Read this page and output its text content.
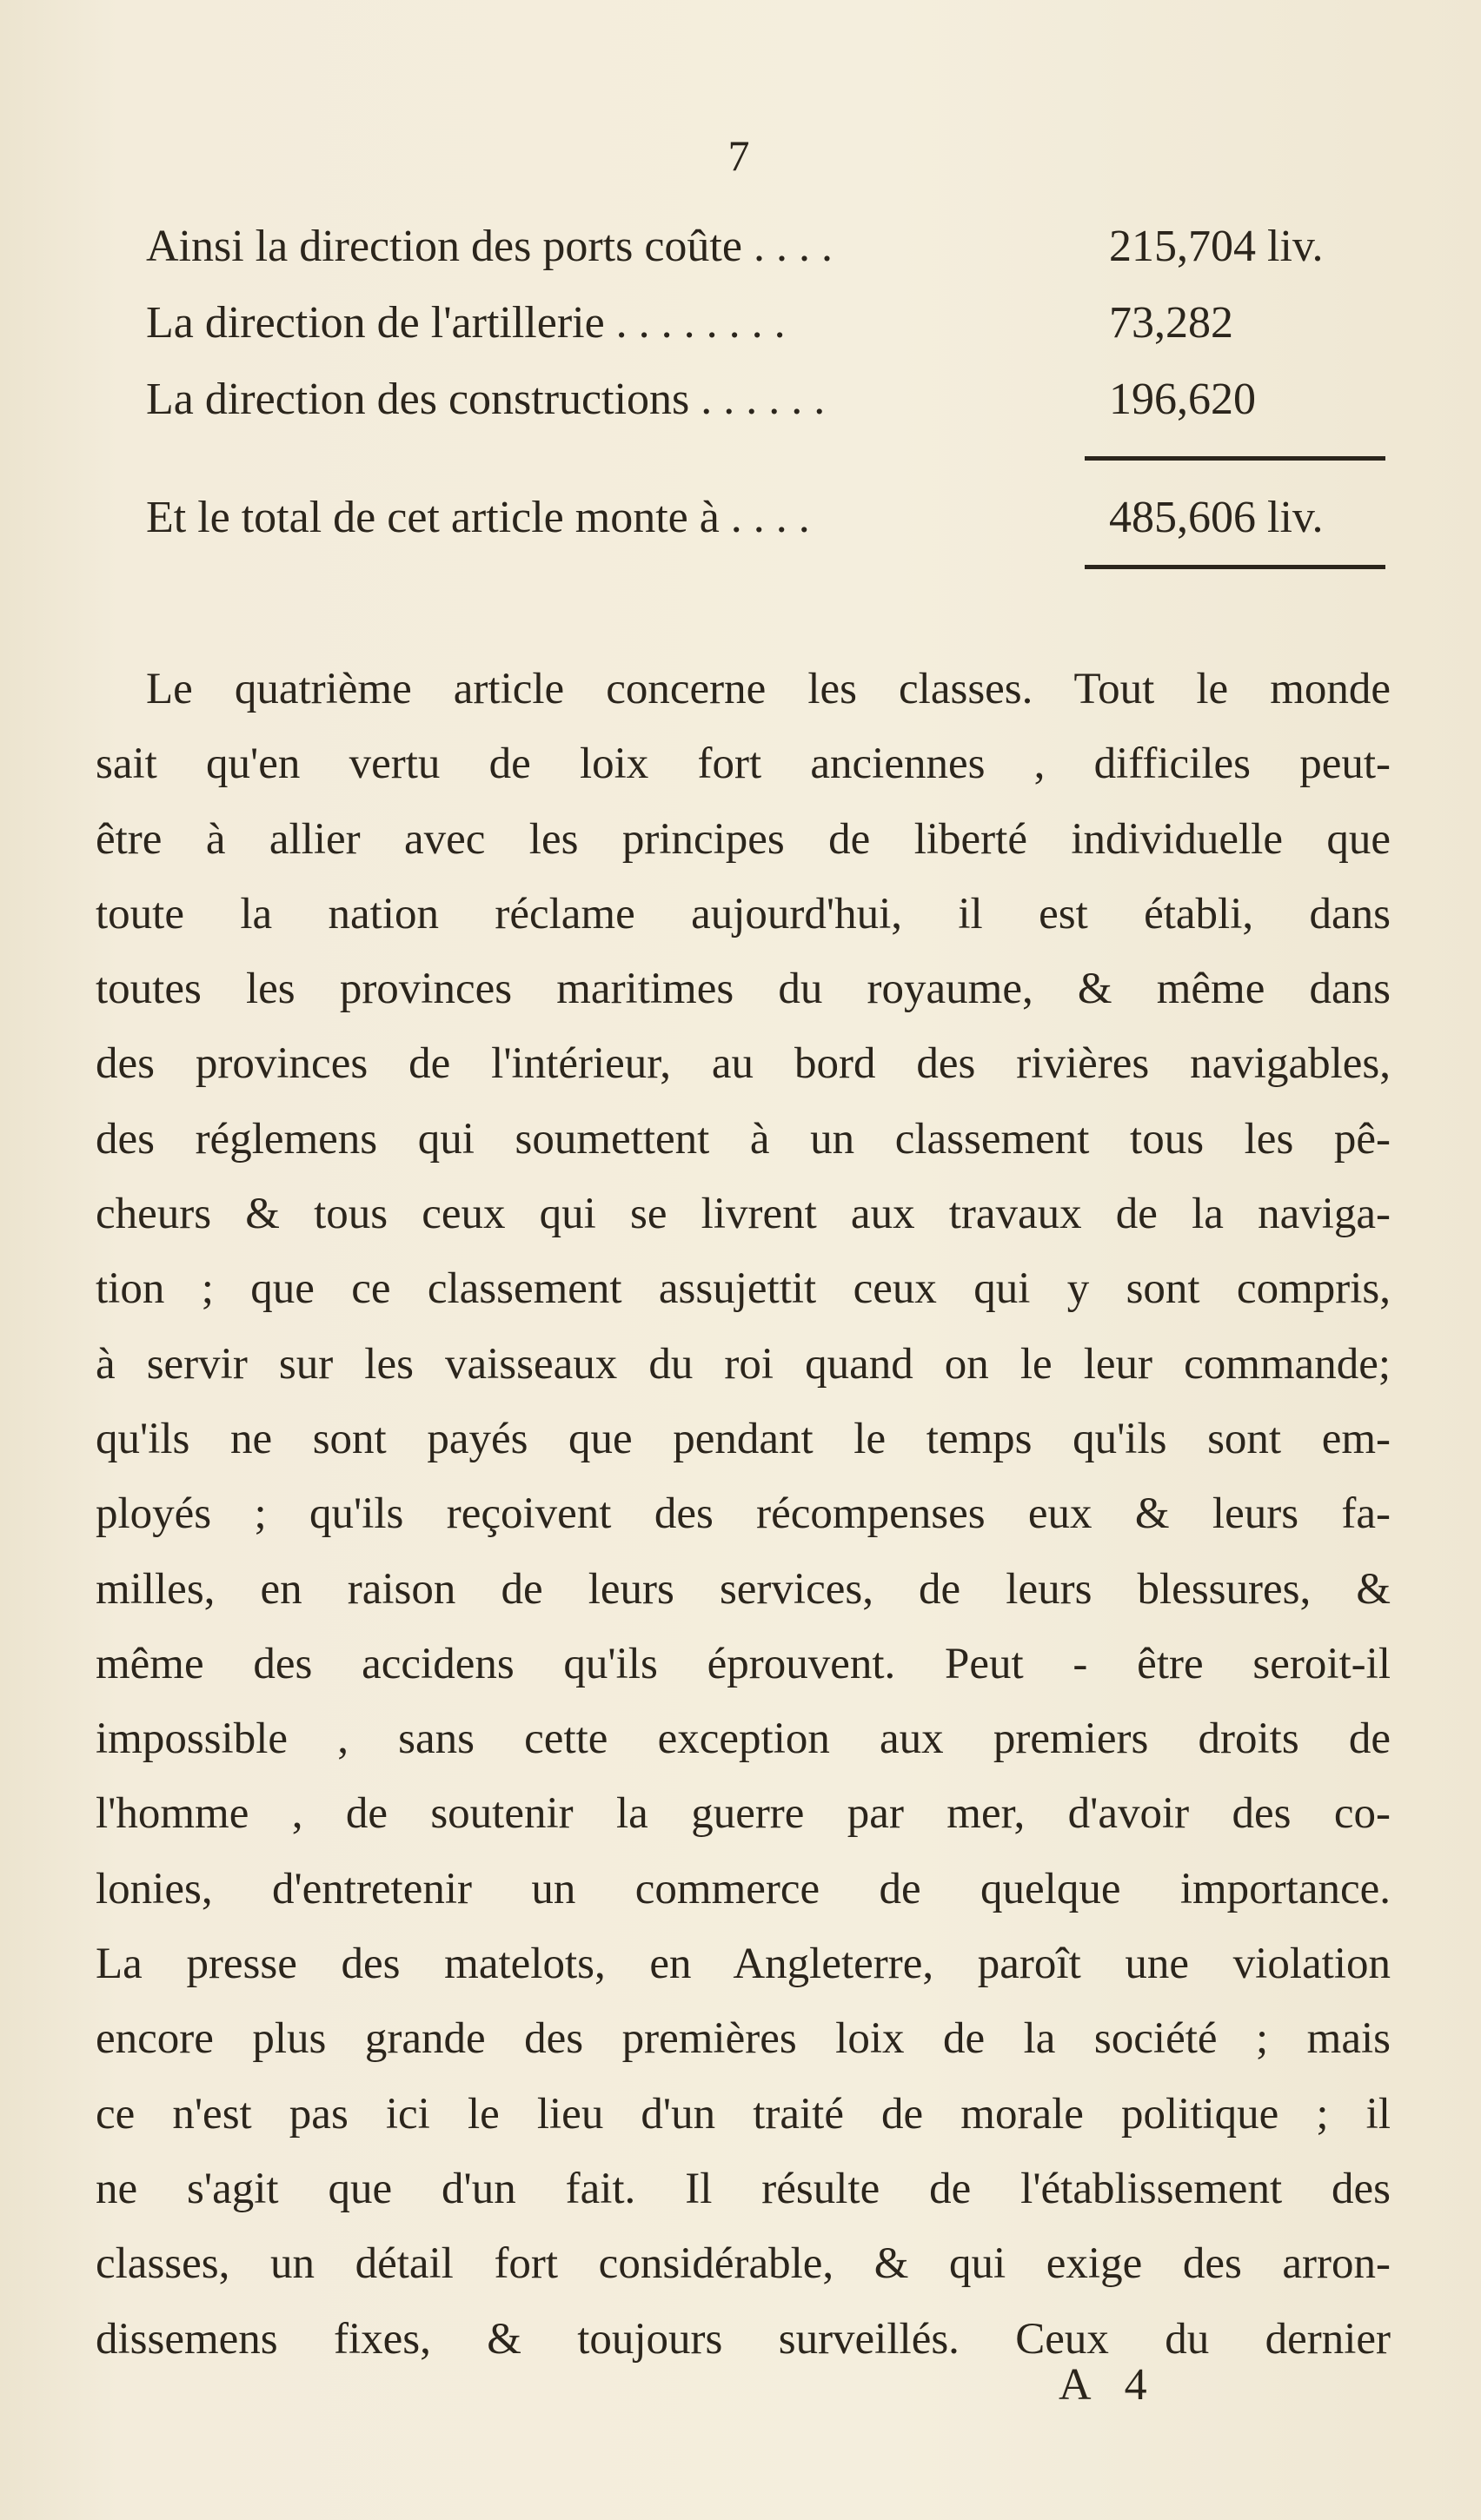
7
Ainsi la direction des ports coûte . . . .	215,704 liv.
La direction de l'artillerie . . . . . . . .	73,282
La direction des constructions . . . . . .	196,620
Et le total de cet article monte à . . . .	485,606 liv.
Le quatrième article concerne les classes. Tout le monde
sait qu'en vertu de loix fort anciennes , difficiles peut-
être à allier avec les principes de liberté individuelle que
toute la nation réclame aujourd'hui, il est établi, dans
toutes les provinces maritimes du royaume, & même dans
des provinces de l'intérieur, au bord des rivières navigables,
des réglemens qui soumettent à un classement tous les pê-
cheurs & tous ceux qui se livrent aux travaux de la naviga-
tion ; que ce classement assujettit ceux qui y sont compris,
à servir sur les vaisseaux du roi quand on le leur commande;
qu'ils ne sont payés que pendant le temps qu'ils sont em-
ployés ; qu'ils reçoivent des récompenses eux & leurs fa-
milles, en raison de leurs services, de leurs blessures, &
même des accidens qu'ils éprouvent. Peut - être seroit-il
impossible , sans cette exception aux premiers droits de
l'homme , de soutenir la guerre par mer, d'avoir des co-
lonies, d'entretenir un commerce de quelque importance.
La presse des matelots, en Angleterre, paroît une violation
encore plus grande des premières loix de la société ; mais
ce n'est pas ici le lieu d'un traité de morale politique ; il
ne s'agit que d'un fait. Il résulte de l'établissement des
classes, un détail fort considérable, & qui exige des arron-
dissemens fixes, & toujours surveillés. Ceux du dernier
A 4
